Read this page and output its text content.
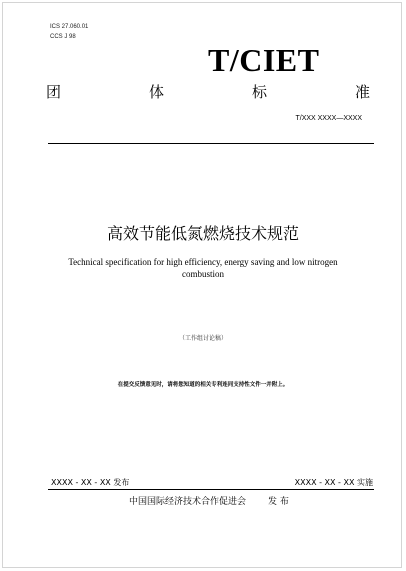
ICS 27.060.01
CCS J 98
T/CIET
团	体	标	准
T/XXX XXXX—XXXX
高效节能低氮燃烧技术规范
Technical specification for high efficiency, energy saving and low nitrogen
combustion
（工作组讨论稿）
在提交反馈意见时，请将您知道的相关专利连同支持性文件一并附上。
XXXX - XX - XX 发布	XXXX - XX - XX 实施
中国国际经济技术合作促进会 发 布
